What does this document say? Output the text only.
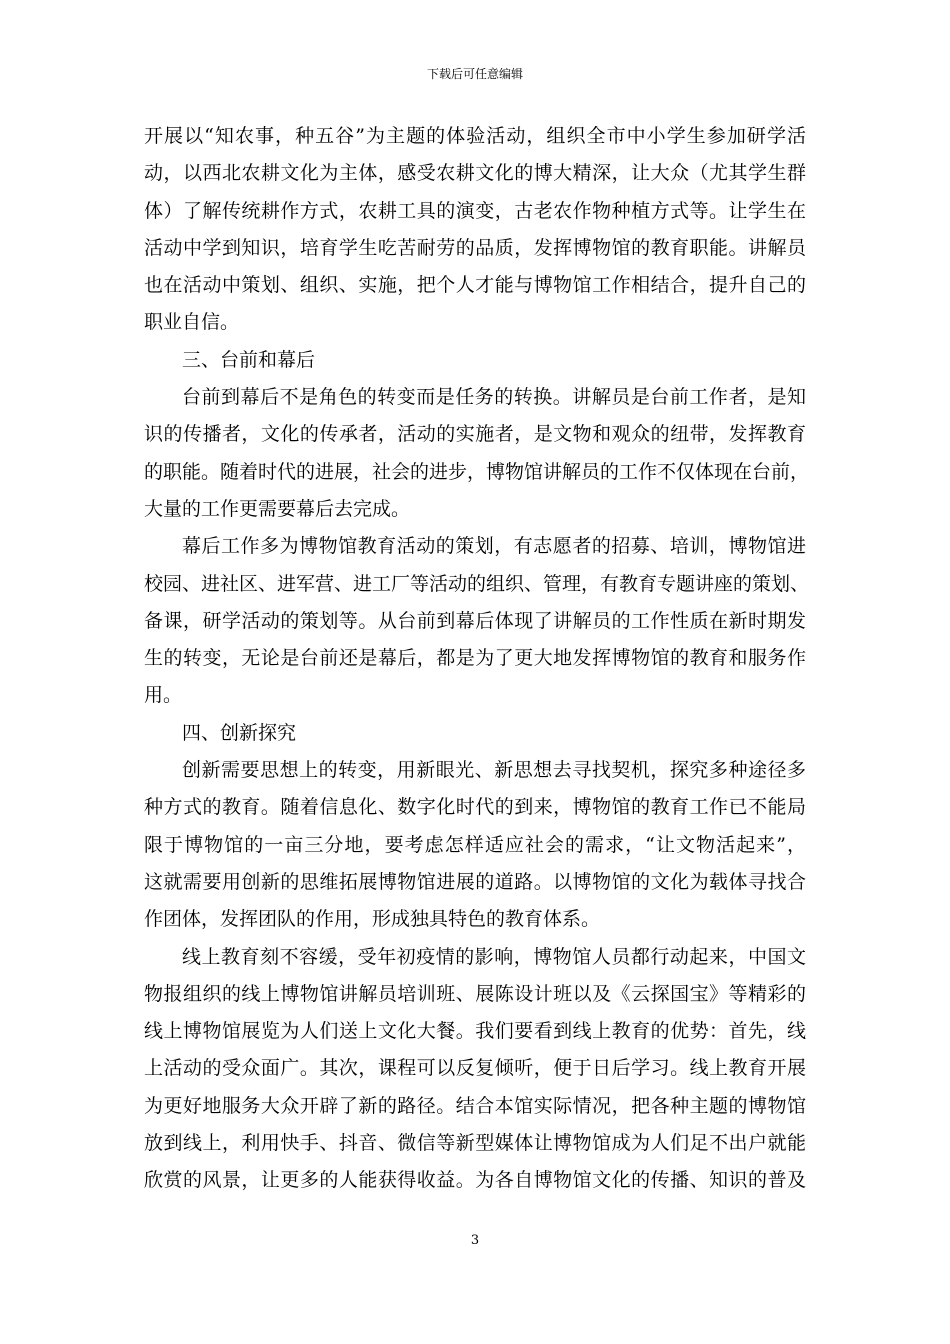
下载后可任意编辑
开展以“知农事，种五谷”为主题的体验活动，组织全市中小学生参加研学活
动，以西北农耕文化为主体，感受农耕文化的博大精深，让大众（尤其学生群
体）了解传统耕作方式，农耕工具的演变，古老农作物种植方式等。让学生在
活动中学到知识，培育学生吃苦耐劳的品质，发挥博物馆的教育职能。讲解员
也在活动中策划、组织、实施，把个人才能与博物馆工作相结合，提升自己的
职业自信。
三、台前和幕后
台前到幕后不是角色的转变而是任务的转换。讲解员是台前工作者，是知
识的传播者，文化的传承者，活动的实施者，是文物和观众的纽带，发挥教育
的职能。随着时代的进展，社会的进步，博物馆讲解员的工作不仅体现在台前，
大量的工作更需要幕后去完成。
幕后工作多为博物馆教育活动的策划，有志愿者的招募、培训，博物馆进
校园、进社区、进军营、进工厂等活动的组织、管理，有教育专题讲座的策划、
备课，研学活动的策划等。从台前到幕后体现了讲解员的工作性质在新时期发
生的转变，无论是台前还是幕后，都是为了更大地发挥博物馆的教育和服务作
用。
四、创新探究
创新需要思想上的转变，用新眼光、新思想去寻找契机，探究多种途径多
种方式的教育。随着信息化、数字化时代的到来，博物馆的教育工作已不能局
限于博物馆的一亩三分地，要考虑怎样适应社会的需求，“让文物活起来”，
这就需要用创新的思维拓展博物馆进展的道路。以博物馆的文化为载体寻找合
作团体，发挥团队的作用，形成独具特色的教育体系。
线上教育刻不容缓，受年初疫情的影响，博物馆人员都行动起来，中国文
物报组织的线上博物馆讲解员培训班、展陈设计班以及《云探国宝》等精彩的
线上博物馆展览为人们送上文化大餐。我们要看到线上教育的优势：首先，线
上活动的受众面广。其次，课程可以反复倾听，便于日后学习。线上教育开展
为更好地服务大众开辟了新的路径。结合本馆实际情况，把各种主题的博物馆
放到线上，利用快手、抖音、微信等新型媒体让博物馆成为人们足不出户就能
欣赏的风景，让更多的人能获得收益。为各自博物馆文化的传播、知识的普及
3
